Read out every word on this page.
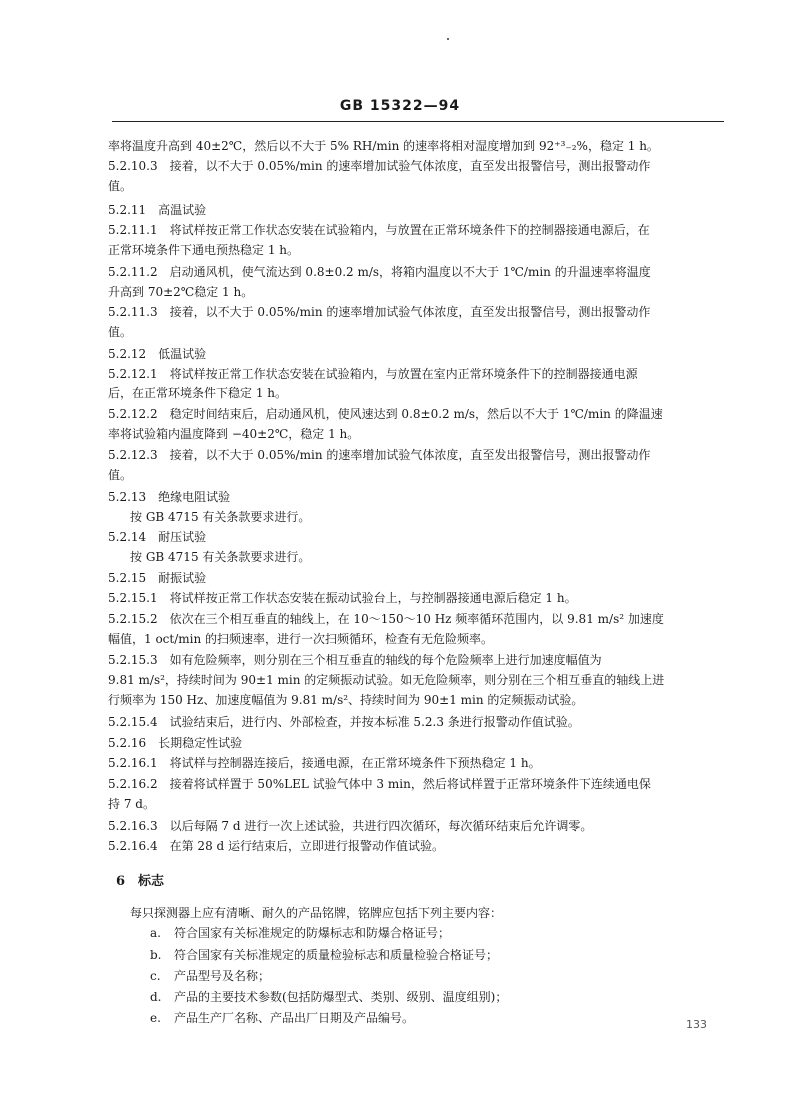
GB 15322—94
率将温度升高到 40±2℃，然后以不大于 5% RH/min 的速率将相对湿度增加到 92⁺³₋₂%，稳定 1 h。
5.2.10.3　接着，以不大于 0.05%/min 的速率增加试验气体浓度，直至发出报警信号，测出报警动作
值。
5.2.11　高温试验
5.2.11.1　将试样按正常工作状态安装在试验箱内，与放置在正常环境条件下的控制器接通电源后，在
正常环境条件下通电预热稳定 1 h。
5.2.11.2　启动通风机，使气流达到 0.8±0.2 m/s，将箱内温度以不大于 1℃/min 的升温速率将温度
升高到 70±2℃稳定 1 h。
5.2.11.3　接着，以不大于 0.05%/min 的速率增加试验气体浓度，直至发出报警信号，测出报警动作
值。
5.2.12　低温试验
5.2.12.1　将试样按正常工作状态安装在试验箱内，与放置在室内正常环境条件下的控制器接通电源
后，在正常环境条件下稳定 1 h。
5.2.12.2　稳定时间结束后，启动通风机，使风速达到 0.8±0.2 m/s，然后以不大于 1℃/min 的降温速
率将试验箱内温度降到 −40±2℃，稳定 1 h。
5.2.12.3　接着，以不大于 0.05%/min 的速率增加试验气体浓度，直至发出报警信号，测出报警动作
值。
5.2.13　绝缘电阻试验
按 GB 4715 有关条款要求进行。
5.2.14　耐压试验
按 GB 4715 有关条款要求进行。
5.2.15　耐振试验
5.2.15.1　将试样按正常工作状态安装在振动试验台上，与控制器接通电源后稳定 1 h。
5.2.15.2　依次在三个相互垂直的轴线上，在 10～150～10 Hz 频率循环范围内，以 9.81 m/s² 加速度
幅值，1 oct/min 的扫频速率，进行一次扫频循环，检查有无危险频率。
5.2.15.3　如有危险频率，则分别在三个相互垂直的轴线的每个危险频率上进行加速度幅值为
9.81 m/s²，持续时间为 90±1 min 的定频振动试验。如无危险频率，则分别在三个相互垂直的轴线上进
行频率为 150 Hz、加速度幅值为 9.81 m/s²、持续时间为 90±1 min 的定频振动试验。
5.2.15.4　试验结束后，进行内、外部检查，并按本标准 5.2.3 条进行报警动作值试验。
5.2.16　长期稳定性试验
5.2.16.1　将试样与控制器连接后，接通电源，在正常环境条件下预热稳定 1 h。
5.2.16.2　接着将试样置于 50%LEL 试验气体中 3 min，然后将试样置于正常环境条件下连续通电保
持 7 d。
5.2.16.3　以后每隔 7 d 进行一次上述试验，共进行四次循环，每次循环结束后允许调零。
5.2.16.4　在第 28 d 运行结束后，立即进行报警动作值试验。
6　标志
每只探测器上应有清晰、耐久的产品铭牌，铭牌应包括下列主要内容：
a. 符合国家有关标准规定的防爆标志和防爆合格证号；
b. 符合国家有关标准规定的质量检验标志和质量检验合格证号；
c. 产品型号及名称；
d. 产品的主要技术参数(包括防爆型式、类别、级别、温度组别)；
e. 产品生产厂名称、产品出厂日期及产品编号。	133
